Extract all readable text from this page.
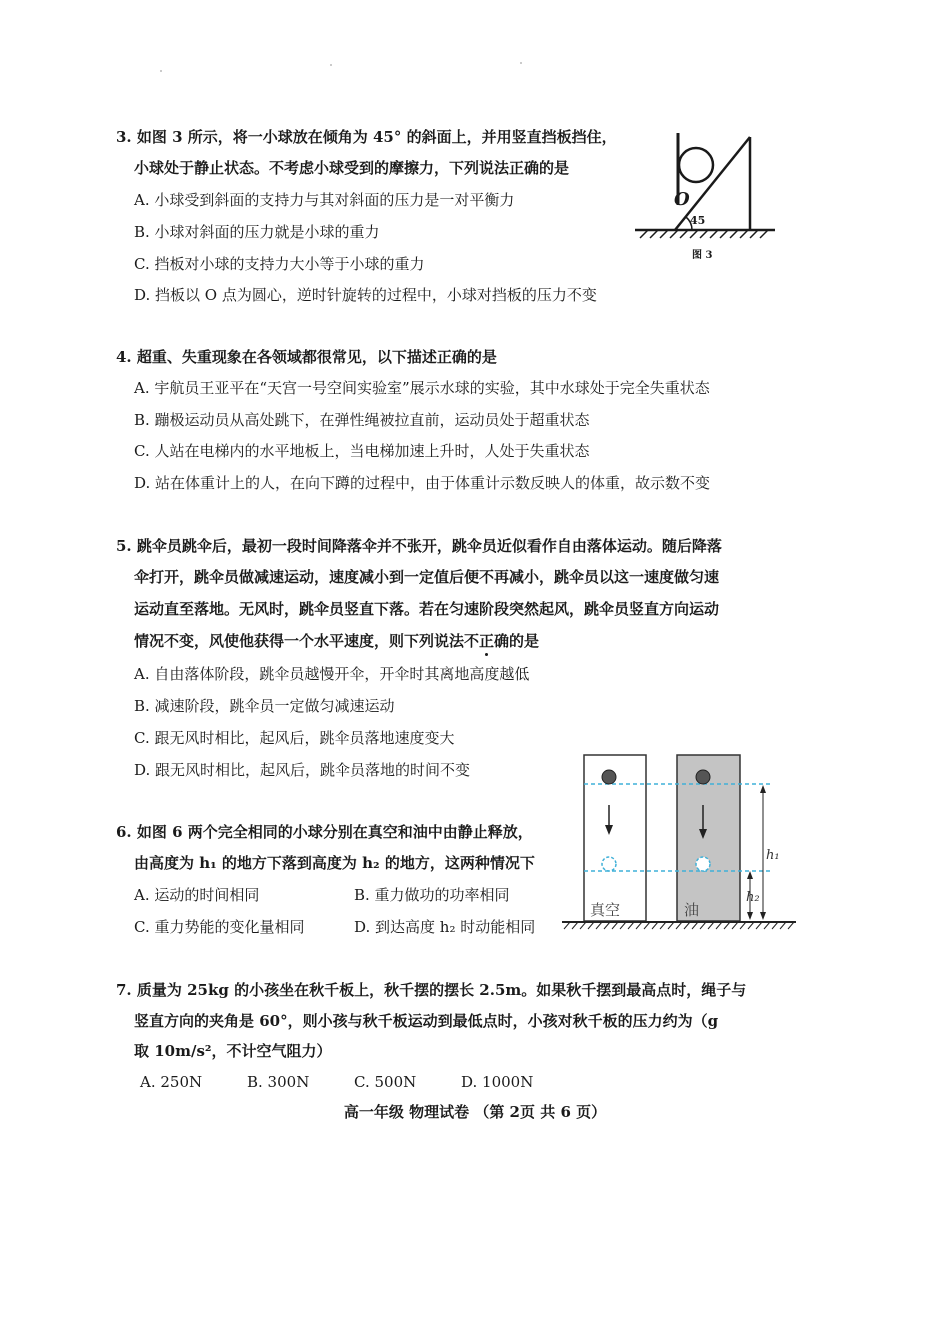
3. 如图 3 所示，将一小球放在倾角为 45° 的斜面上，并用竖直挡板挡住，
小球处于静止状态。不考虑小球受到的摩擦力，下列说法正确的是
A. 小球受到斜面的支持力与其对斜面的压力是一对平衡力
B. 小球对斜面的压力就是小球的重力
C. 挡板对小球的支持力大小等于小球的重力
D. 挡板以 O 点为圆心，逆时针旋转的过程中，小球对挡板的压力不变
O
45
图 3
4. 超重、失重现象在各领域都很常见，以下描述正确的是
A. 宇航员王亚平在“天宫一号空间实验室”展示水球的实验，其中水球处于完全失重状态
B. 蹦极运动员从高处跳下，在弹性绳被拉直前，运动员处于超重状态
C. 人站在电梯内的水平地板上，当电梯加速上升时，人处于失重状态
D. 站在体重计上的人，在向下蹲的过程中，由于体重计示数反映人的体重，故示数不变
5. 跳伞员跳伞后，最初一段时间降落伞并不张开，跳伞员近似看作自由落体运动。随后降落
伞打开，跳伞员做减速运动，速度减小到一定值后便不再减小，跳伞员以这一速度做匀速
运动直至落地。无风时，跳伞员竖直下落。若在匀速阶段突然起风，跳伞员竖直方向运动
情况不变，风使他获得一个水平速度，则下列说法不正确的是
A. 自由落体阶段，跳伞员越慢开伞，开伞时其离地高度越低
B. 减速阶段，跳伞员一定做匀减速运动
C. 跟无风时相比，起风后，跳伞员落地速度变大
D. 跟无风时相比，起风后，跳伞员落地的时间不变
6. 如图 6 两个完全相同的小球分别在真空和油中由静止释放，
由高度为 h₁ 的地方下落到高度为 h₂ 的地方，这两种情况下
A. 运动的时间相同	B. 重力做功的功率相同
C. 重力势能的变化量相同	D. 到达高度 h₂ 时动能相同
h₁
h₂
真空	油
7. 质量为 25kg 的小孩坐在秋千板上，秋千摆的摆长 2.5m。如果秋千摆到最高点时，绳子与
竖直方向的夹角是 60°，则小孩与秋千板运动到最低点时，小孩对秋千板的压力约为（g
取 10m/s²，不计空气阻力）
A. 250N	B. 300N	C. 500N	D. 1000N
高一年级 物理试卷 （第 2页 共 6 页）
